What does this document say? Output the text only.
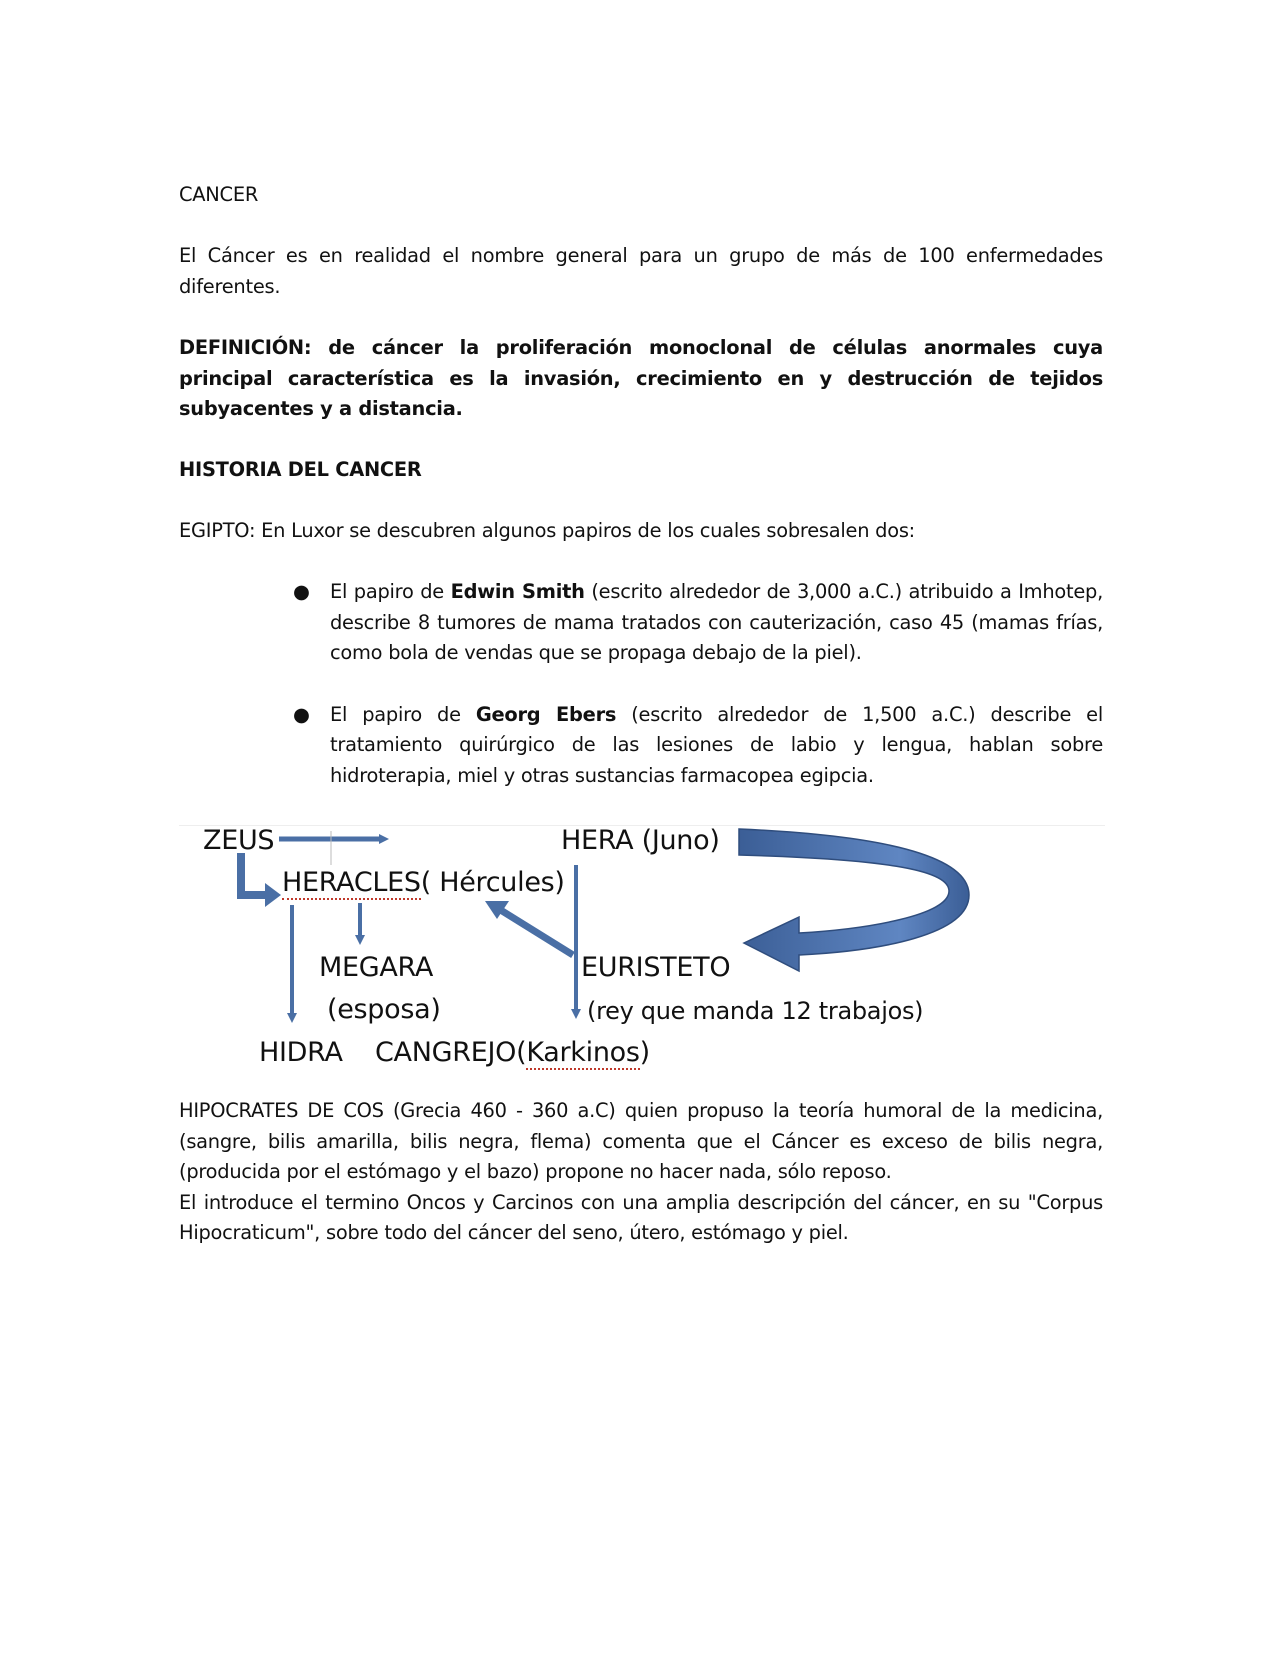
CANCER
El Cáncer es en realidad el nombre general para un grupo de más de 100 enfermedades diferentes.
DEFINICIÓN: de cáncer la proliferación monoclonal de células anormales cuya principal característica es la invasión, crecimiento en y destrucción de tejidos subyacentes y a distancia.
HISTORIA DEL CANCER
EGIPTO: En Luxor se descubren algunos papiros de los cuales sobresalen dos:
● El papiro de Edwin Smith (escrito alrededor de 3,000 a.C.) atribuido a Imhotep, describe 8 tumores de mama tratados con cauterización, caso 45 (mamas frías, como bola de vendas que se propaga debajo de la piel).
● El papiro de Georg Ebers (escrito alrededor de 1,500 a.C.) describe el tratamiento quirúrgico de las lesiones de labio y lengua, hablan sobre hidroterapia, miel y otras sustancias farmacopea egipcia.
ZEUS	HERA (Juno)
HERACLES( Hércules)
MEGARA
(esposa)
EURISTETO
(rey que manda 12 trabajos)
HIDRA CANGREJO(Karkinos)
HIPOCRATES DE COS (Grecia 460 - 360 a.C) quien propuso la teoría humoral de la medicina, (sangre, bilis amarilla, bilis negra, flema) comenta que el Cáncer es exceso de bilis negra, (producida por el estómago y el bazo) propone no hacer nada, sólo reposo.
El introduce el termino Oncos y Carcinos con una amplia descripción del cáncer, en su "Corpus Hipocraticum", sobre todo del cáncer del seno, útero, estómago y piel.
